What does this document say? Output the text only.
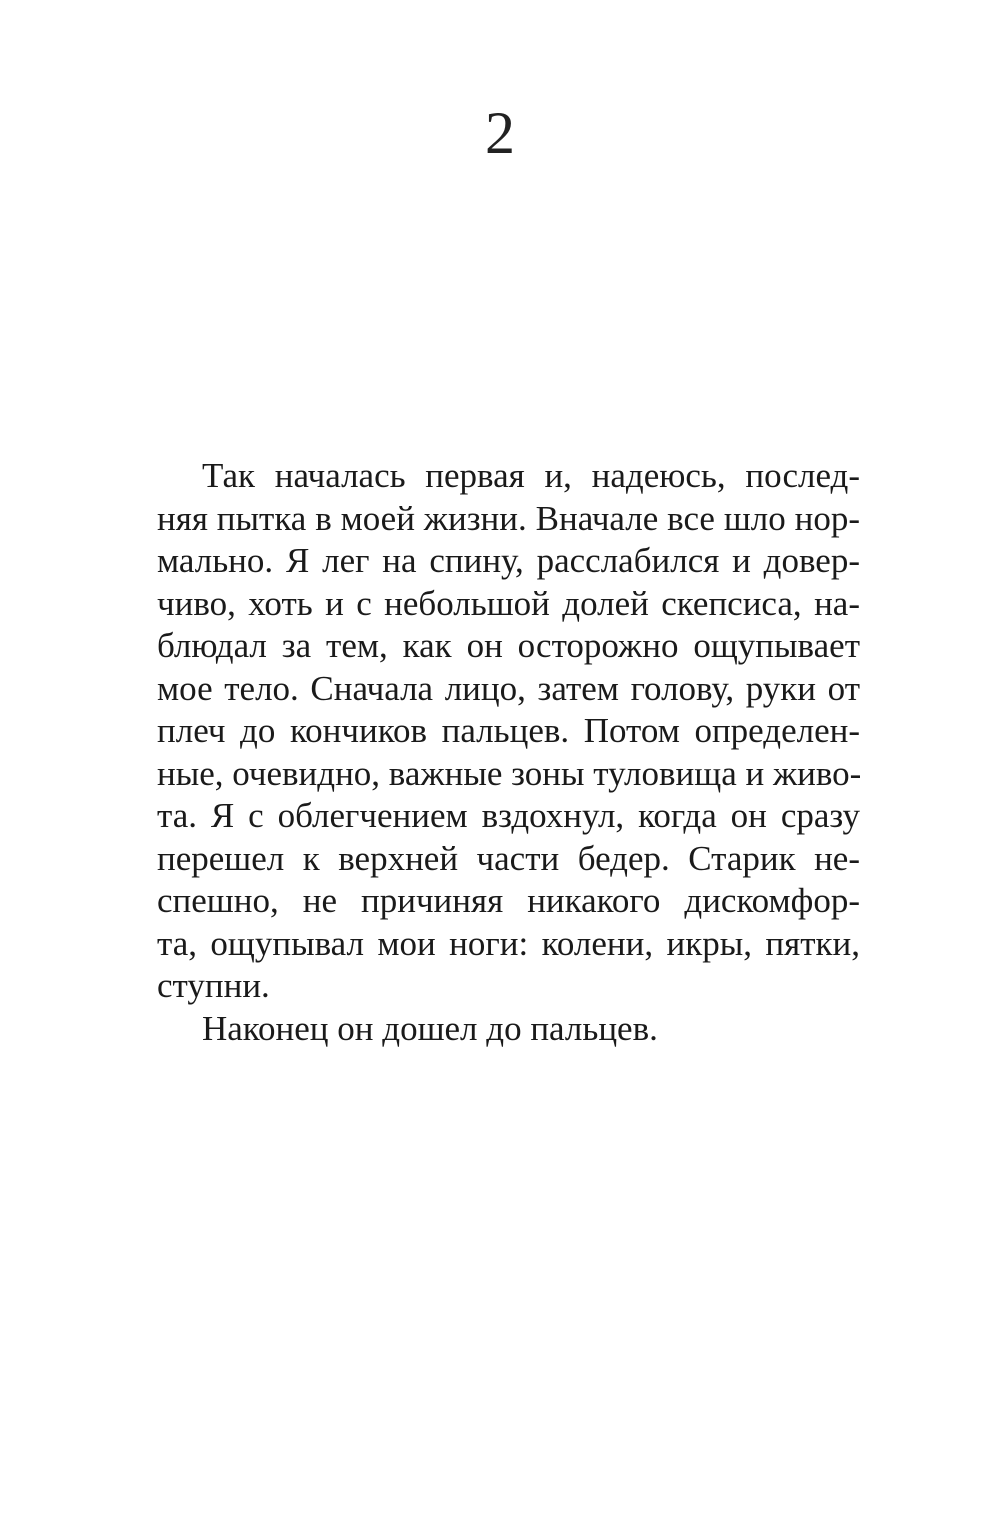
2
Так началась первая и, надеюсь, послед-
няя пытка в моей жизни. Вначале все шло нор-
мально. Я лег на спину, расслабился и довер-
чиво, хоть и с небольшой долей скепсиса, на-
блюдал за тем, как он осторожно ощупывает
мое тело. Сначала лицо, затем голову, руки от
плеч до кончиков пальцев. Потом определен-
ные, очевидно, важные зоны туловища и живо-
та. Я с облегчением вздохнул, когда он сразу
перешел к верхней части бедер. Старик не-
спешно, не причиняя никакого дискомфор-
та, ощупывал мои ноги: колени, икры, пятки,
ступни.
Наконец он дошел до пальцев.
